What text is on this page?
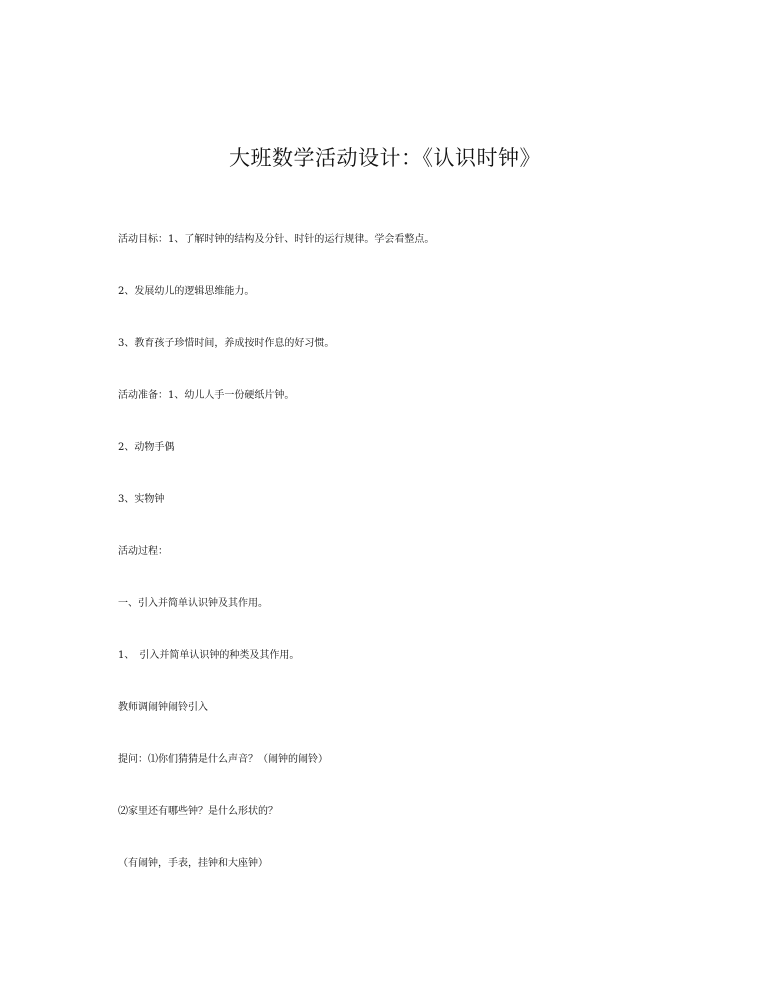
大班数学活动设计：《认识时钟》

活动目标：1、了解时钟的结构及分针、时针的运行规律。学会看整点。

2、发展幼儿的逻辑思维能力。

3、教育孩子珍惜时间，养成按时作息的好习惯。

活动准备：1、幼儿人手一份硬纸片钟。

2、动物手偶

3、实物钟

活动过程：

一、引入并简单认识钟及其作用。

1、　引入并简单认识钟的种类及其作用。

教师调闹钟闹铃引入

提问：⑴你们猜猜是什么声音？（闹钟的闹铃）

⑵家里还有哪些钟？是什么形状的？

（有闹钟，手表，挂钟和大座钟）
